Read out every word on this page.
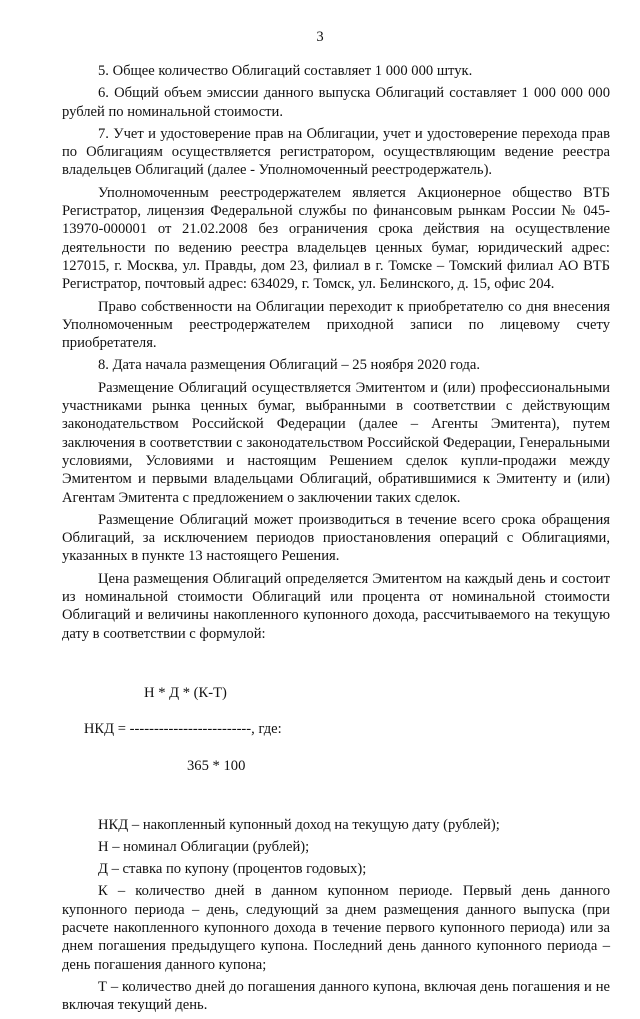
3

5. Общее количество Облигаций составляет 1 000 000 штук.

6. Общий объем эмиссии данного выпуска Облигаций составляет 1 000 000 000 рублей по номинальной стоимости.

7. Учет и удостоверение прав на Облигации, учет и удостоверение перехода прав по Облигациям осуществляется регистратором, осуществляющим ведение реестра владельцев Облигаций (далее - Уполномоченный реестродержатель).

Уполномоченным реестродержателем является Акционерное общество ВТБ Регистратор, лицензия Федеральной службы по финансовым рынкам России № 045-13970-000001 от 21.02.2008 без ограничения срока действия на осуществление деятельности по ведению реестра владельцев ценных бумаг, юридический адрес: 127015, г. Москва, ул. Правды, дом 23, филиал в г. Томске – Томский филиал АО ВТБ Регистратор, почтовый адрес: 634029, г. Томск, ул. Белинского, д. 15, офис 204.

Право собственности на Облигации переходит к приобретателю со дня внесения Уполномоченным реестродержателем приходной записи по лицевому счету приобретателя.

8. Дата начала размещения Облигаций – 25 ноября 2020 года.

Размещение Облигаций осуществляется Эмитентом и (или) профессиональными участниками рынка ценных бумаг, выбранными в соответствии с действующим законодательством Российской Федерации (далее – Агенты Эмитента), путем заключения в соответствии с законодательством Российской Федерации, Генеральными условиями, Условиями и настоящим Решением сделок купли-продажи между Эмитентом и первыми владельцами Облигаций, обратившимися к Эмитенту и (или) Агентам Эмитента с предложением о заключении таких сделок.

Размещение Облигаций может производиться в течение всего срока обращения Облигаций, за исключением периодов приостановления операций с Облигациями, указанных в пункте 13 настоящего Решения.

Цена размещения Облигаций определяется Эмитентом на каждый день и состоит из номинальной стоимости Облигаций или процента от номинальной стоимости Облигаций и величины накопленного купонного дохода, рассчитываемого на текущую дату в соответствии с формулой:

Н * Д * (К-Т)

НКД = -------------------------, где:

365 * 100

НКД – накопленный купонный доход на текущую дату (рублей);

Н – номинал Облигации (рублей);

Д – ставка по купону (процентов годовых);

К – количество дней в данном купонном периоде. Первый день данного купонного периода – день, следующий за днем размещения данного выпуска (при расчете накопленного купонного дохода в течение первого купонного периода) или за днем погашения предыдущего купона. Последний день данного купонного периода – день погашения данного купона;

Т – количество дней до погашения данного купона, включая день погашения и не включая текущий день.
